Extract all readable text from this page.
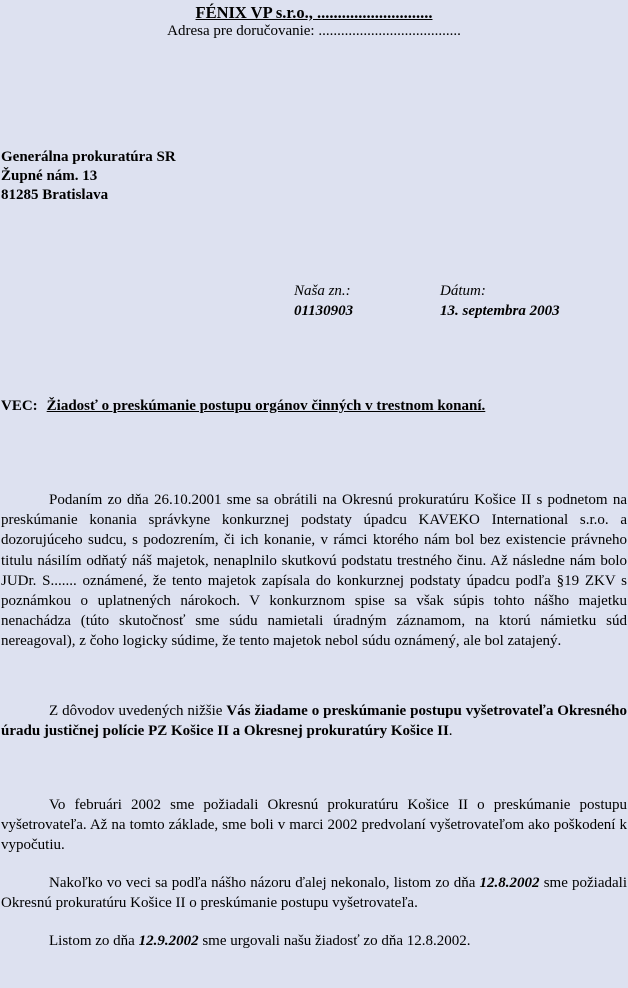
FÉNIX VP s.r.o., ............................
Adresa pre doručovanie: ......................................
Generálna prokuratúra SR
Župné nám. 13
81285 Bratislava
Naša zn.:
01130903
Dátum:
13. septembra 2003
VEC: Žiadosť o preskúmanie postupu orgánov činných v trestnom konaní.

Podaním zo dňa 26.10.2001 sme sa obrátili na Okresnú prokuratúru Košice II s podnetom na preskúmanie konania správkyne konkurznej podstaty úpadcu KAVEKO International s.r.o. a dozorujúceho sudcu, s podozrením, či ich konanie, v rámci ktorého nám bol bez existencie právneho titulu násilím odňatý náš majetok, nenaplnilo skutkovú podstatu trestného činu. Až následne nám bolo JUDr. S....... oznámené, že tento majetok zapísala do konkurznej podstaty úpadcu podľa §19 ZKV s poznámkou o uplatnených nárokoch. V konkurznom spise sa však súpis tohto nášho majetku nenachádza (túto skutočnosť sme súdu namietali úradným záznamom, na ktorú námietku súd nereagoval), z čoho logicky súdime, že tento majetok nebol súdu oznámený, ale bol zatajený.

Z dôvodov uvedených nižšie Vás žiadame o preskúmanie postupu vyšetrovateľa Okresného úradu justičnej polície PZ Košice II a Okresnej prokuratúry Košice II.

Vo februári 2002 sme požiadali Okresnú prokuratúru Košice II o preskúmanie postupu vyšetrovateľa. Až na tomto základe, sme boli v marci 2002 predvolaní vyšetrovateľom ako poškodení k vypočutiu.

Nakoľko vo veci sa podľa nášho názoru ďalej nekonalo, listom zo dňa 12.8.2002 sme požiadali Okresnú prokuratúru Košice II o preskúmanie postupu vyšetrovateľa.

Listom zo dňa 12.9.2002 sme urgovali našu žiadosť zo dňa 12.8.2002.
